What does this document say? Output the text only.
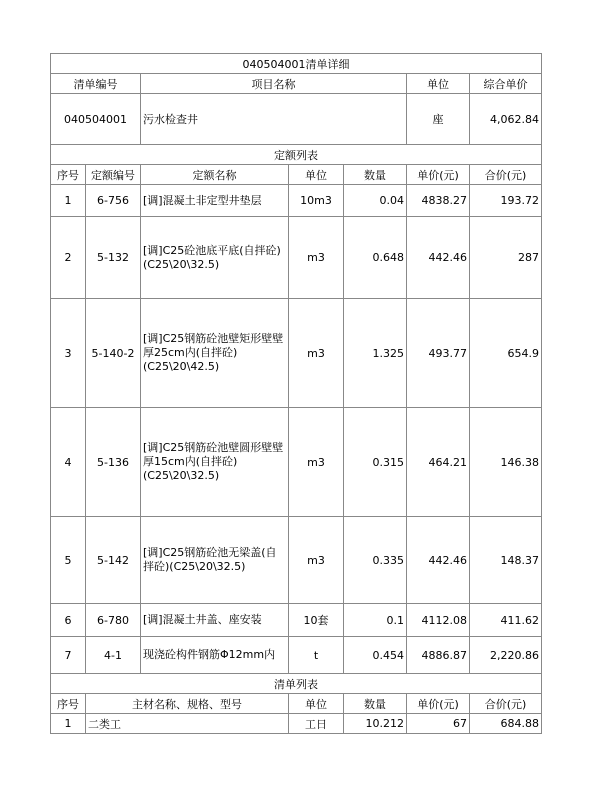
040504001清单详细						
清单编号		项目名称			单位	综合单价
040504001		污水检查井			座	4,062.84
定额列表						
序号	定额编号	定额名称	单位	数量	单价(元)	合价(元)
1	6-756	[调]混凝土非定型井垫层	10m3	0.04	4838.27	193.72
2	5-132	[调]C25砼池底平底(自拌砼)(C25\20\32.5)	m3	0.648	442.46	287
3	5-140-2	[调]C25钢筋砼池壁矩形壁壁厚25cm内(自拌砼)(C25\20\42.5)	m3	1.325	493.77	654.9
4	5-136	[调]C25钢筋砼池壁圆形壁壁厚15cm内(自拌砼)(C25\20\32.5)	m3	0.315	464.21	146.38
5	5-142	[调]C25钢筋砼池无梁盖(自拌砼)(C25\20\32.5)	m3	0.335	442.46	148.37
6	6-780	[调]混凝土井盖、座安装	10套	0.1	4112.08	411.62
7	4-1	现浇砼构件钢筋Φ12mm内	t	0.454	4886.87	2,220.86
清单列表						
序号	主材名称、规格、型号		单位	数量	单价(元)	合价(元)
1	二类工		工日	10.212	67	684.88
